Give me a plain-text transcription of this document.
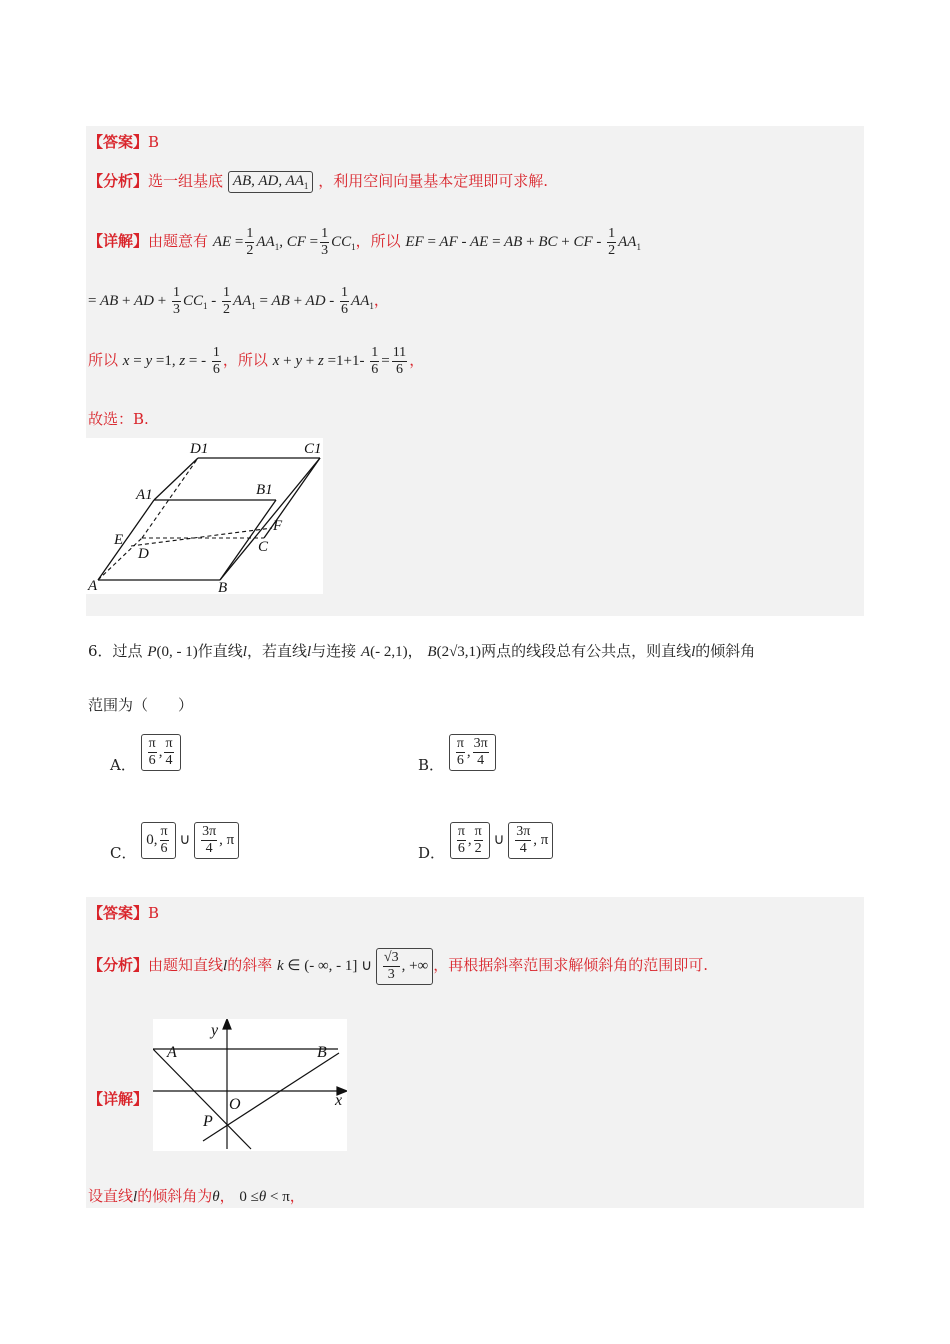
【答案】B
【分析】选一组基底 AB, AD, $AA_1$ ，利用空间向量基本定理即可求解.
【详解】由题意有 AE = $\frac{1}{2} AA_1$, CF = $\frac{1}{3} CC_1$，所以 EF = AF - AE = AB + BC + CF - $\frac{1}{2} AA_1$
= AB + AD + $\frac{1}{3} CC_1 - \frac{1}{2} AA_1$ = AB + AD - $\frac{1}{6} AA_1$，
所以 x = y =1, z = - $\frac{1}{6}$ ，所以 $x + y + z =1+1- \frac{1}{6} = \frac{11}{6}$ ，
故选：B.
D1	C1
A1	B1
E
F
D	C
A	B
6．过点 P(0, - 1)作直线l，若直线l与连接 A(- 2,1)， B(2√3,1)两点的线段总有公共点，则直线l的倾斜角
范围为（　　）
A． $\frac{\pi}{6}$ , $\frac{\pi}{4}$	B． $\frac{\pi}{6}$ , $\frac{3\pi}{4}$
C． 0, $\frac{\pi}{6}$ ∪ $\frac{3\pi}{4}$ , π
D． $\frac{\pi}{6}$ , $\frac{\pi}{2}$ ∪ $\frac{3\pi}{4}$ , π
【答案】B
【分析】由题知直线l的斜率 k ∈ (- ∞, - 1] ∪ $\frac{√3}{3}$ , +∞ ，再根据斜率范围求解倾斜角的范围即可.
【详解】
y
A	B
O	x
P
设直线l的倾斜角为θ， 0 ≤θ < π，
